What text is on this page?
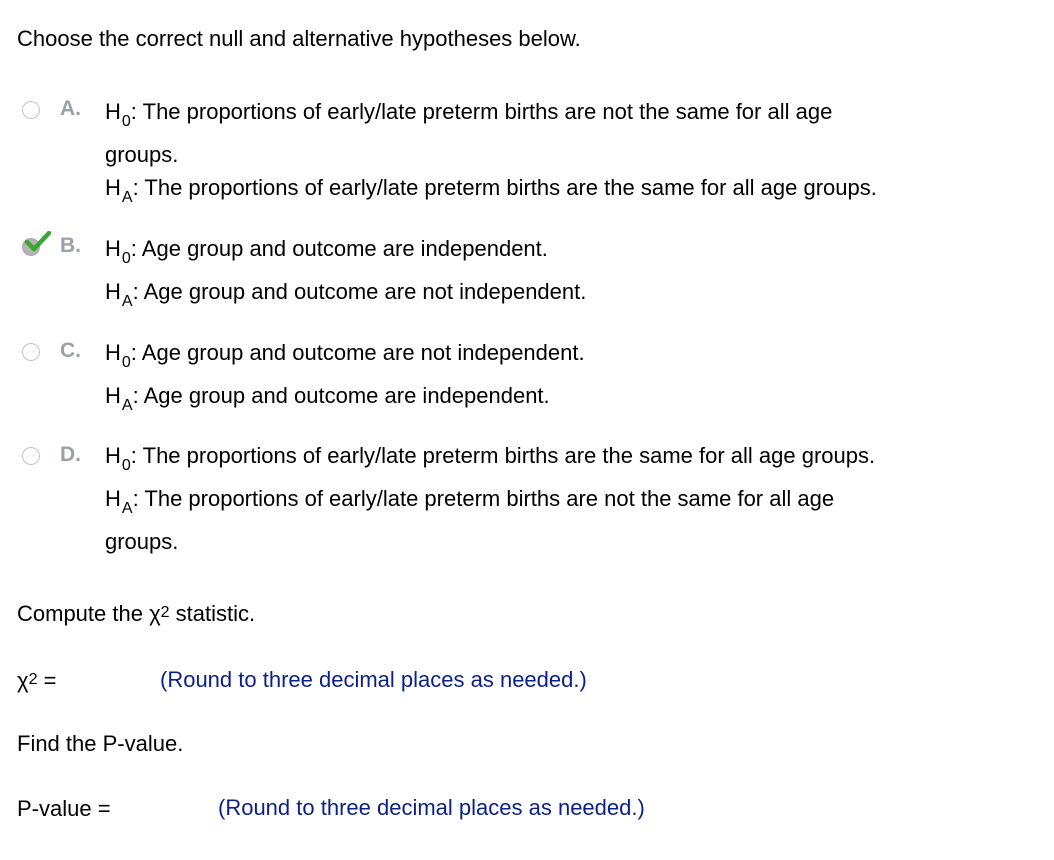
Choose the correct null and alternative hypotheses below.
A. $H_0$: The proportions of early/late preterm births are not the same for all age
groups.
$H_A$: The proportions of early/late preterm births are the same for all age groups.
B. $H_0$: Age group and outcome are independent.
$H_A$: Age group and outcome are not independent.
C. $H_0$: Age group and outcome are not independent.
$H_A$: Age group and outcome are independent.
D. $H_0$: The proportions of early/late preterm births are the same for all age groups.
$H_A$: The proportions of early/late preterm births are not the same for all age
groups.
Compute the $\chi^2$ statistic.
$\chi^2$ =	(Round to three decimal places as needed.)
Find the P-value.
P-value =	(Round to three decimal places as needed.)
